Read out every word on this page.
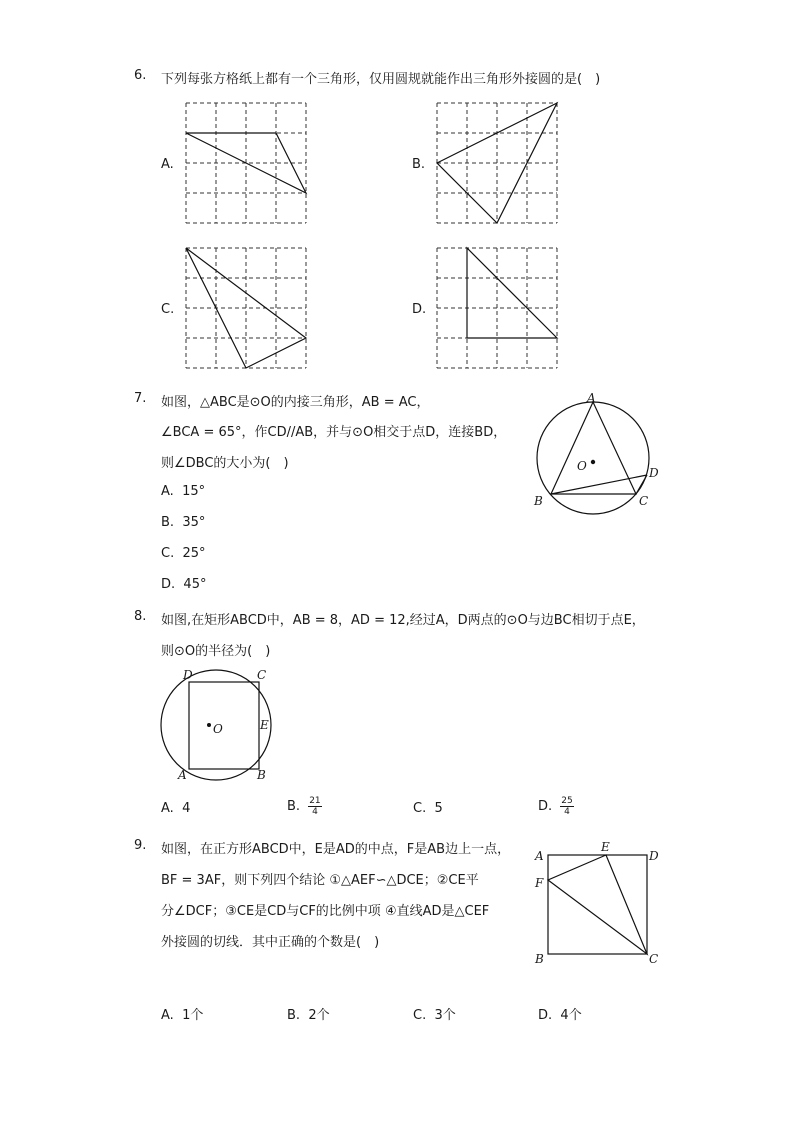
6. 下列每张方格纸上都有一个三角形，仅用圆规就能作出三角形外接圆的是(　)
A.	B.
C.	D.
7. 如图，△ABC是⊙O的内接三角形，AB = AC，
∠BCA = 65°，作CD//AB，并与⊙O相交于点D，连接BD，
则∠DBC的大小为(　)
A. 15°
B. 35°
C. 25°
D. 45°
A
B	C
D
O
8. 如图,在矩形ABCD中，AB = 8，AD = 12,经过A，D两点的⊙O与边BC相切于点E，
则⊙O的半径为(　)
D	C
E
O
A	B
A. 4	B. $\frac{21}{4}$	C. 5	D. $\frac{25}{4}$
9. 如图，在正方形ABCD中，E是AD的中点，F是AB边上一点，
BF = 3AF，则下列四个结论 ①△AEF∽△DCE；②CE平
分∠DCF；③CE是CD与CF的比例中项 ④直线AD是△CEF
外接圆的切线．其中正确的个数是(　)
A
E
D
F
B	C
A. 1个	B. 2个	C. 3个	D. 4个
